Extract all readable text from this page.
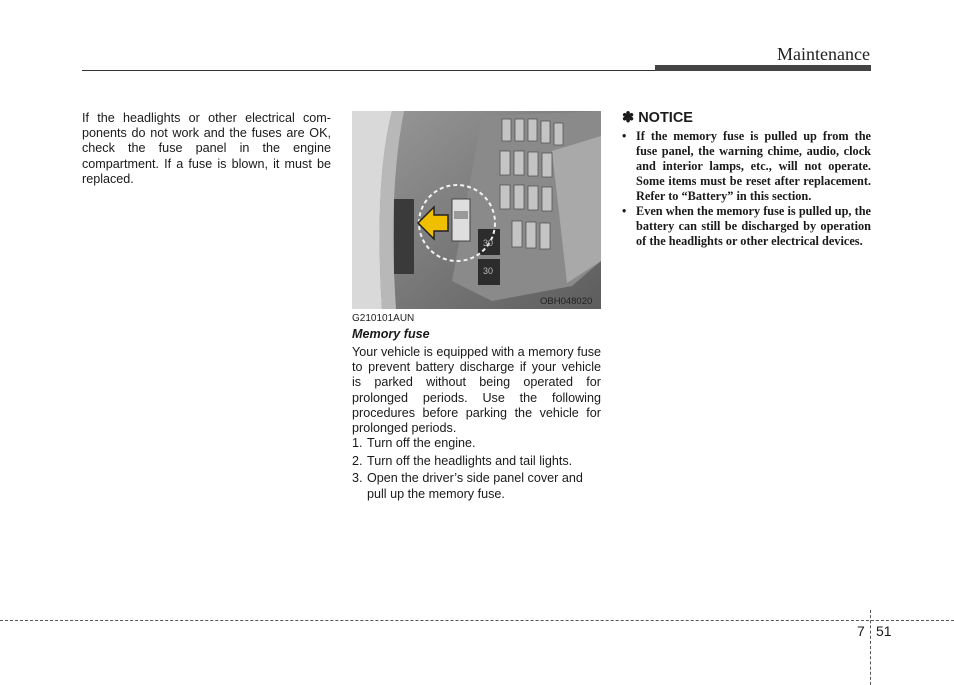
Maintenance
If the headlights or other electrical com-ponents do not work and the fuses are OK, check the fuse panel in the engine compartment. If a fuse is blown, it must be replaced.
30
30
OBH048020
G210101AUN
Memory fuse
Your vehicle is equipped with a memory fuse to prevent battery discharge if your vehicle is parked without being operated for prolonged periods. Use the following procedures before parking the vehicle for prolonged periods.
1. Turn off the engine.
2. Turn off the headlights and tail lights.
3. Open the driver’s side panel cover and pull up the memory fuse.
✽ NOTICE
• If the memory fuse is pulled up from the fuse panel, the warning chime, audio, clock and interior lamps, etc., will not operate. Some items must be reset after replacement. Refer to “Battery” in this section.
• Even when the memory fuse is pulled up, the battery can still be discharged by operation of the headlights or other electrical devices.
7 51
